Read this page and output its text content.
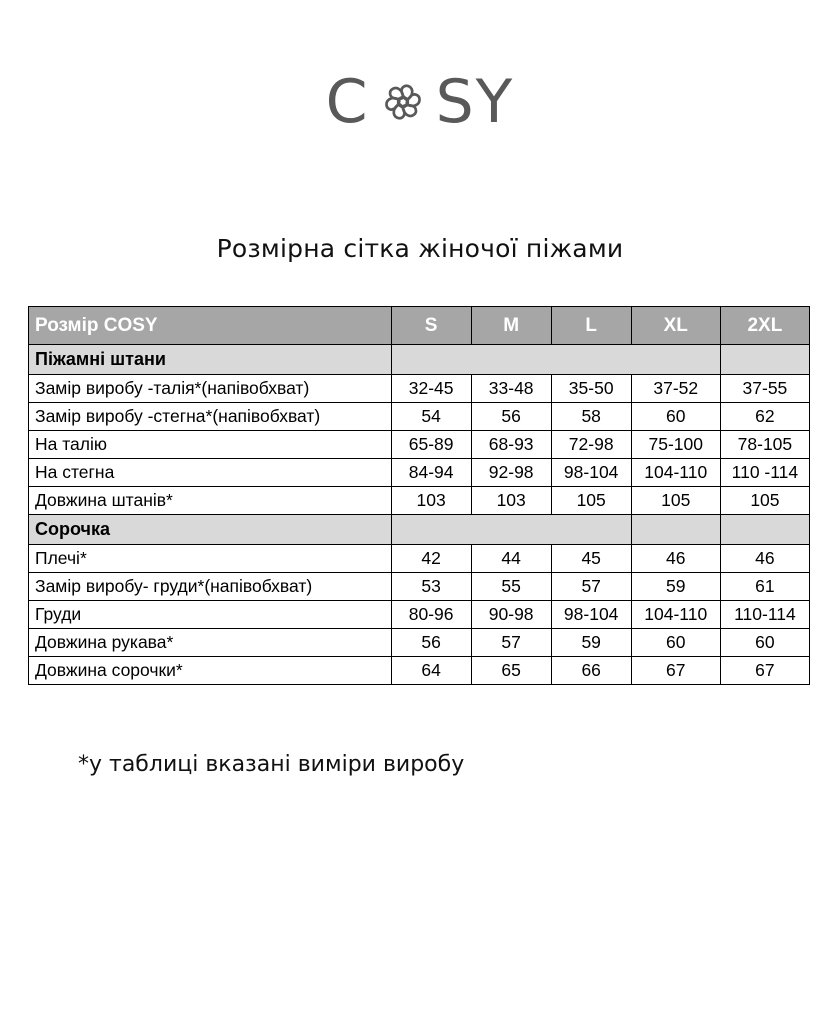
C SY
Розмірна сітка жіночої піжами
Розмір COSY	S	M	L	XL	2XL
Піжамні штани					
Замір виробу -талія*(напівобхват)	32-45	33-48	35-50	37-52	37-55
Замір виробу -стегна*(напівобхват)	54	56	58	60	62
На талію	65-89	68-93	72-98	75-100	78-105
На стегна	84-94	92-98	98-104	104-110	110 -114
Довжина штанів*	103	103	105	105	105
Сорочка					
Плечі*	42	44	45	46	46
Замір виробу- груди*(напівобхват)	53	55	57	59	61
Груди	80-96	90-98	98-104	104-110	110-114
Довжина рукава*	56	57	59	60	60
Довжина сорочки*	64	65	66	67	67
*у таблиці вказані виміри виробу
